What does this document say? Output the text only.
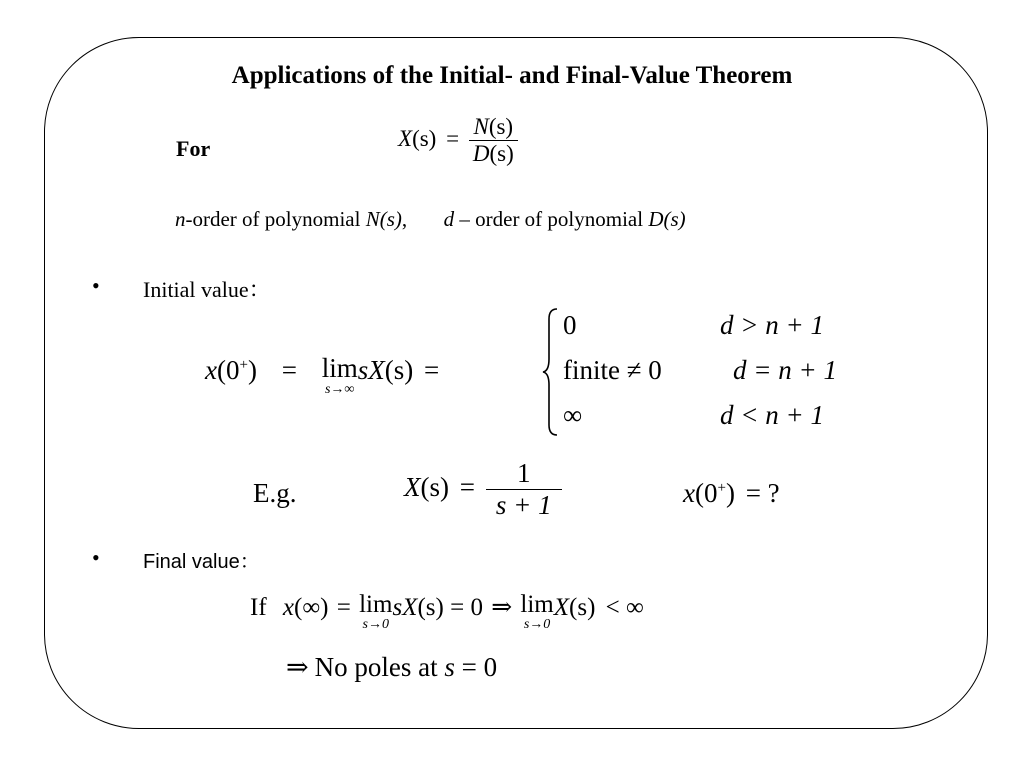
Applications of the Initial- and Final-Value Theorem
For	$X(s) = \frac{N(s)}{D(s)}$
n-order of polynomial N(s), d – order of polynomial D(s)
• Initial value：
x(0+) = lim
s→∞
sX(s) =
0	d > n + 1
finite ≠ 0	d = n + 1
∞	d < n + 1
E.g.	$X(s) = \frac{1}{s + 1}$	x(0+) = ?
• Final value：
If x(∞) = lim
s→0
sX(s) = 0 ⇒ lim
s→0
X(s) < ∞
⇒ No poles at s = 0
